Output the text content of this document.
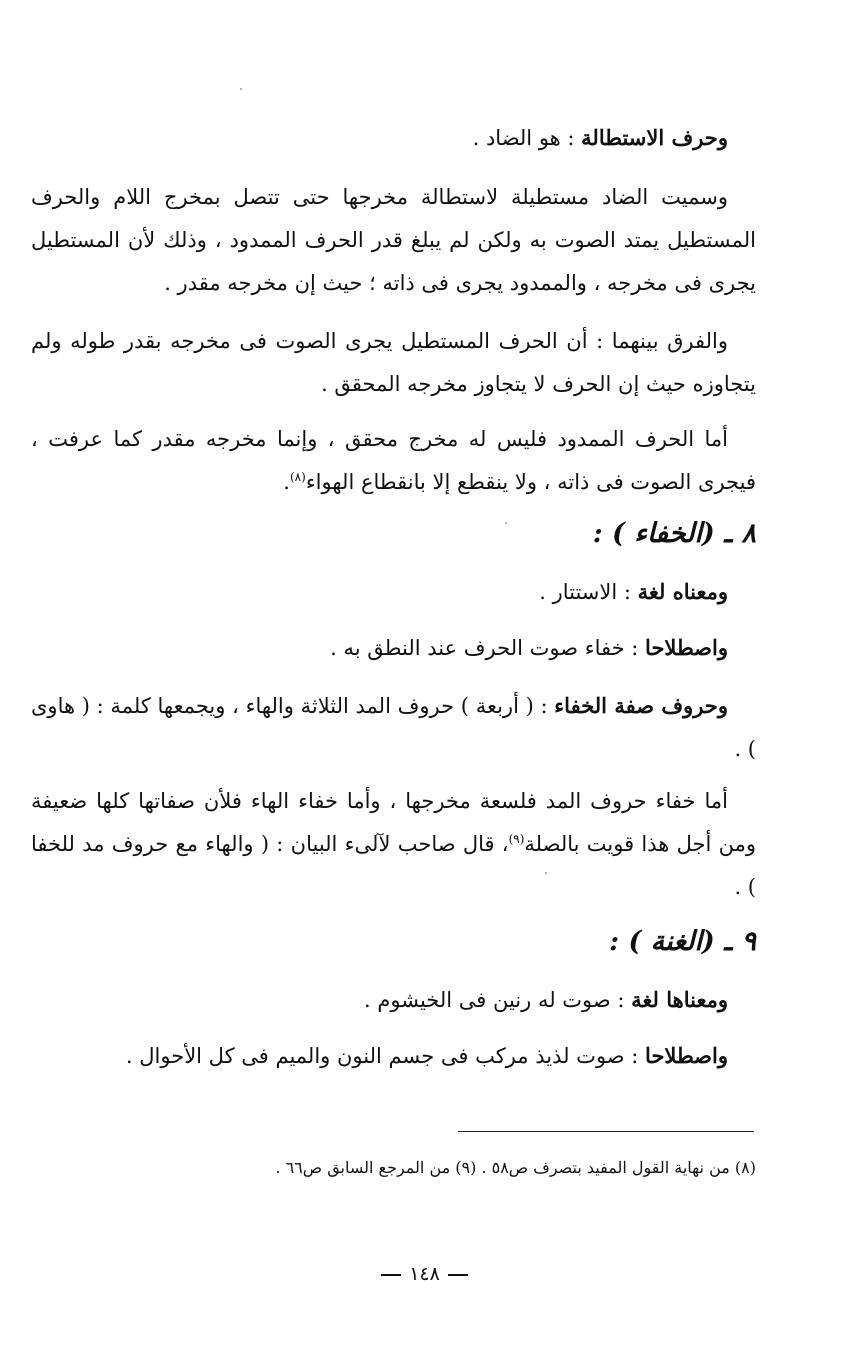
وحرف الاستطالة : هو الضاد .
وسميت الضاد مستطيلة لاستطالة مخرجها حتى تتصل بمخرج اللام والحرف المستطيل يمتد الصوت به ولكن لم يبلغ قدر الحرف الممدود ، وذلك لأن المستطيل يجرى فى مخرجه ، والممدود يجرى فى ذاته ؛ حيث إن مخرجه مقدر .
والفرق بينهما : أن الحرف المستطيل يجرى الصوت فى مخرجه بقدر طوله ولم يتجاوزه حيث إن الحرف لا يتجاوز مخرجه المحقق .
أما الحرف الممدود فليس له مخرج محقق ، وإنما مخرجه مقدر كما عرفت ، فيجرى الصوت فى ذاته ، ولا ينقطع إلا بانقطاع الهواء$^{(٨)}$.
٨ ـ (الخفاء ) :
ومعناه لغة : الاستتار .
واصطلاحا : خفاء صوت الحرف عند النطق به .
وحروف صفة الخفاء : ( أربعة ) حروف المد الثلاثة والهاء ، ويجمعها كلمة : ( هاوى ) .
أما خفاء حروف المد فلسعة مخرجها ، وأما خفاء الهاء فلأن صفاتها كلها ضعيفة ومن أجل هذا قويت بالصلة$^{(٩)}$، قال صاحب لآلىء البيان : ( والهاء مع حروف مد للخفا ) .
٩ ـ (الغنة ) :
ومعناها لغة : صوت له رنين فى الخيشوم .
واصطلاحا : صوت لذيذ مركب فى جسم النون والميم فى كل الأحوال .
(٨) من نهاية القول المفيد بتصرف ص٥٨ . (٩) من المرجع السابق ص٦٦ .
١٤٨
